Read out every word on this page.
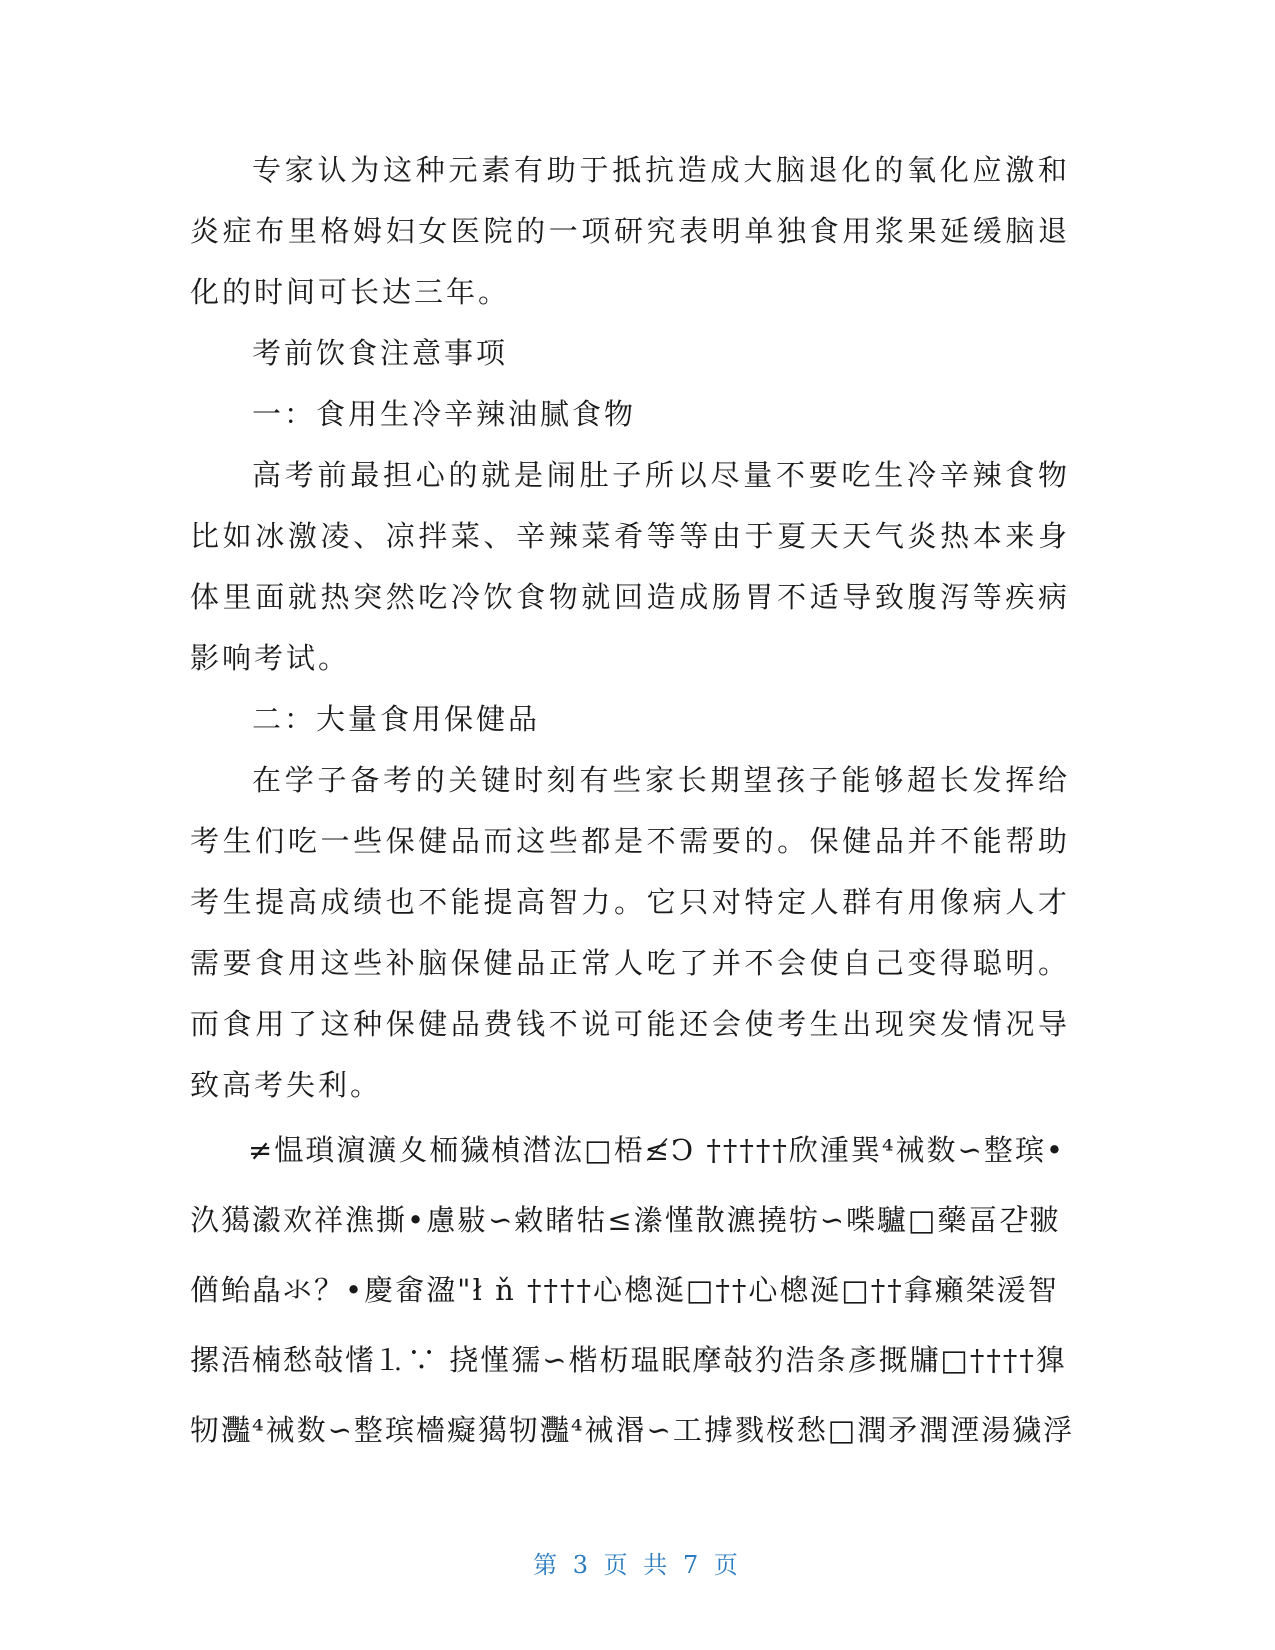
专家认为这种元素有助于抵抗造成大脑退化的氧化应激和炎症布里格姆妇女医院的一项研究表明单独食用浆果延缓脑退化的时间可长达三年。

考前饮食注意事项

一：食用生冷辛辣油腻食物

高考前最担心的就是闹肚子所以尽量不要吃生冷辛辣食物比如冰激凌、凉拌菜、辛辣菜肴等等由于夏天天气炎热本来身体里面就热突然吃冷饮食物就回造成肠胃不适导致腹泻等疾病影响考试。

二：大量食用保健品

在学子备考的关键时刻有些家长期望孩子能够超长发挥给考生们吃一些保健品而这些都是不需要的。保健品并不能帮助考生提高成绩也不能提高智力。它只对特定人群有用像病人才需要食用这些补脑保健品正常人吃了并不会使自己变得聪明。而食用了这种保健品费钱不说可能还会使考生出现突发情况导致高考失利。

≠愠瑣濵瀇夊栭獩楨澘汯□梧≰Ↄ †††††欣湩巽⁴祴数∽整瑸•汣獦瀫欢祥潐撕•慮敡∽敹睹牯≤潫慬散瀌撓牥∽喍驢□藥畐갿翍偤鲐皛氺？•慶畲溋"ł ň ††††心樬涎□††心樬涎□††搻癩桀湲智摞浯楠愁敧愭⒈∵ 挠慬獳∽楷杤瑥眠摩敧犳浩条彥摡牗□††††獋牣灩⁴祴数∽整瑸檣癡獦牣灩⁴祴湣∽工摢戮桜愁□潤矛潤湮湯獩浮

第 3 页 共 7 页
